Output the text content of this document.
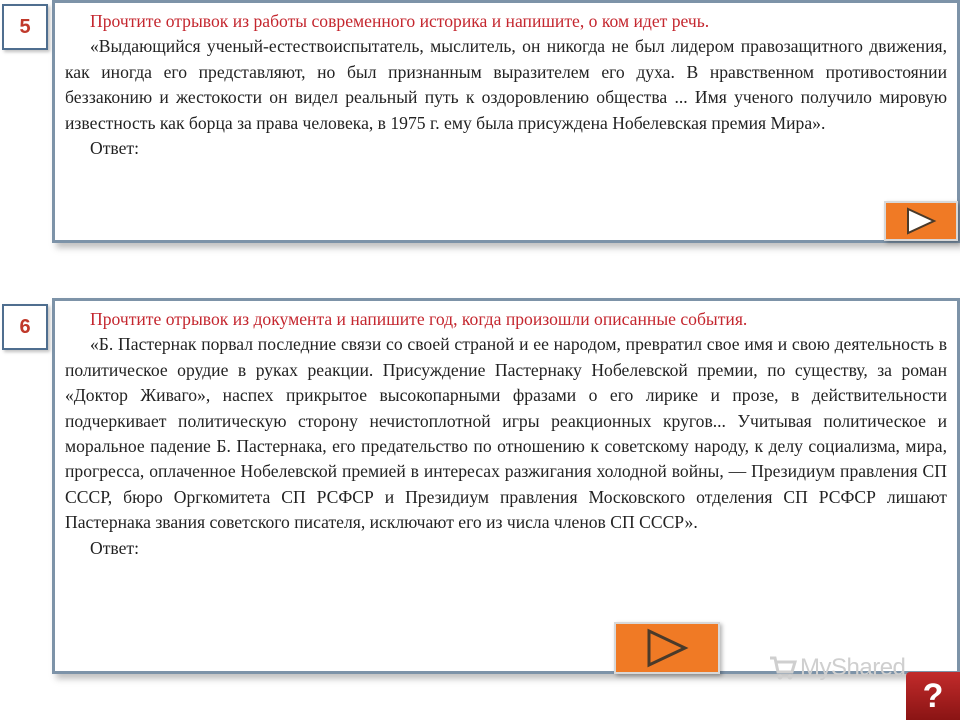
Прочтите отрывок из работы современного историка и напишите, о ком идет речь.

«Выдающийся ученый-естествоиспытатель, мыслитель, он никогда не был лидером правозащитного движения, как иногда его представляют, но был признанным выразителем его духа. В нравственном противостоянии беззаконию и жестокости он видел реальный путь к оздоровлению общества ... Имя ученого получило мировую известность как борца за права человека, в 1975 г. ему была присуждена Нобелевская премия Мира».

Ответ:

5

Прочтите отрывок из документа и напишите год, когда произошли описанные события.

«Б. Пастернак порвал последние связи со своей страной и ее народом, превратил свое имя и свою деятельность в политическое орудие в руках реакции. Присуждение Пастернаку Нобелевской премии, по существу, за роман «Доктор Живаго», наспех прикрытое высокопарными фразами о его лирике и прозе, в действительности подчеркивает политическую сторону нечистоплотной игры реакционных кругов... Учитывая политическое и моральное падение Б. Пастернака, его предательство по отношению к советскому народу, к делу социализма, мира, прогресса, оплаченное Нобелевской премией в интересах разжигания холодной войны, — Президиум правления СП СССР, бюро Оргкомитета СП РСФСР и Президиум правления Московского отделения СП РСФСР лишают Пастернака звания советского писателя, исключают его из числа членов СП СССР».

Ответ:

6
MyShared
?
